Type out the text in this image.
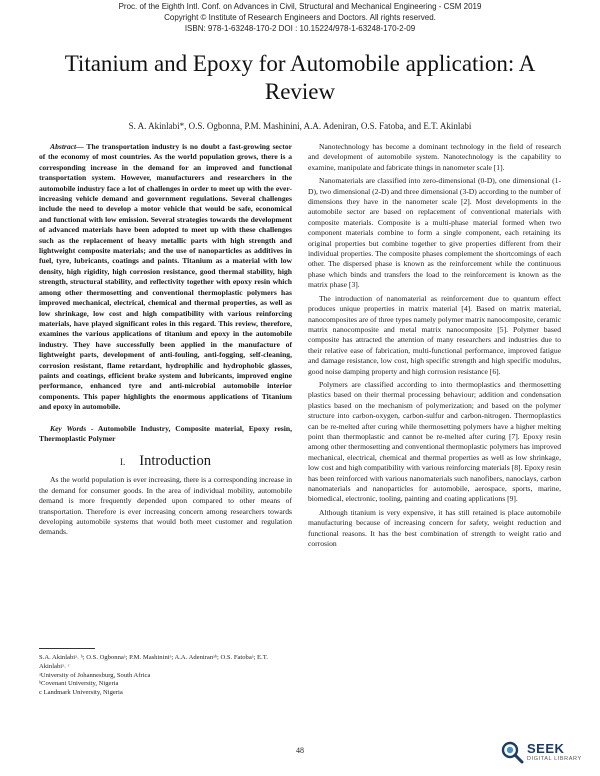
Proc. of the Eighth Intl. Conf. on Advances in Civil, Structural and Mechanical Engineering - CSM 2019
Copyright © Institute of Research Engineers and Doctors. All rights reserved.
ISBN: 978-1-63248-170-2 DOI : 10.15224/978-1-63248-170-2-09
Titanium and Epoxy for Automobile application: A Review
S. A. Akinlabi*, O.S. Ogbonna, P.M. Mashinini, A.A. Adeniran, O.S. Fatoba, and E.T. Akinlabi

Abstract— The transportation industry is no doubt a fast-growing sector of the economy of most countries. As the world population grows, there is a corresponding increase in the demand for an improved and functional transportation system. However, manufacturers and researchers in the automobile industry face a lot of challenges in order to meet up with the ever-increasing vehicle demand and government regulations. Several challenges include the need to develop a motor vehicle that would be safe, economical and functional with low emission. Several strategies towards the development of advanced materials have been adopted to meet up with these challenges such as the replacement of heavy metallic parts with high strength and lightweight composite materials; and the use of nanoparticles as additives in fuel, tyre, lubricants, coatings and paints. Titanium as a material with low density, high rigidity, high corrosion resistance, good thermal stability, high strength, structural stability, and reflectivity together with epoxy resin which among other thermosetting and conventional thermoplastic polymers has improved mechanical, electrical, chemical and thermal properties, as well as low shrinkage, low cost and high compatibility with various reinforcing materials, have played significant roles in this regard. This review, therefore, examines the various applications of titanium and epoxy in the automobile industry. They have successfully been applied in the manufacture of lightweight parts, development of anti-fouling, anti-fogging, self-cleaning, corrosion resistant, flame retardant, hydrophilic and hydrophobic glasses, paints and coatings, efficient brake system and lubricants, improved engine performance, enhanced tyre and anti-microbial automobile interior components. This paper highlights the enormous applications of Titanium and epoxy in automobile.

Key Words - Automobile Industry, Composite material, Epoxy resin, Thermoplastic Polymer

I. Introduction

As the world population is ever increasing, there is a corresponding increase in the demand for consumer goods. In the area of individual mobility, automobile demand is more frequently depended upon compared to other means of transportation. Therefore is ever increasing concern among researchers towards developing automobile systems that would both meet customer and regulation demands.

S.A. Akinlabiᵃ˒ ᵇ; O.S. Ogbonnaᵃ; P.M. Mashininiᵃ; A.A. Adeniranᵃᵇ; O.S. Fatobaᵃ; E.T. Akinlabiᵃ˒ ᶜ
ᵃUniversity of Johannesburg, South Africa
ᵇCovenant University, Nigeria
c Landmark University, Nigeria

Nanotechnology has become a dominant technology in the field of research and development of automobile system. Nanotechnology is the capability to examine, manipulate and fabricate things in nanometer scale [1].

Nanomaterials are classified into zero-dimensional (0-D), one dimensional (1-D), two dimensional (2-D) and three dimensional (3-D) according to the number of dimensions they have in the nanometer scale [2]. Most developments in the automobile sector are based on replacement of conventional materials with composite materials. Composite is a multi-phase material formed when two component materials combine to form a single component, each retaining its original properties but combine together to give properties different from their individual properties. The composite phases complement the shortcomings of each other. The dispersed phase is known as the reinforcement while the continuous phase which binds and transfers the load to the reinforcement is known as the matrix phase [3].

The introduction of nanomaterial as reinforcement due to quantum effect produces unique properties in matrix material [4]. Based on matrix material, nanocomposites are of three types namely polymer matrix nanocomposite, ceramic matrix nanocomposite and metal matrix nanocomposite [5]. Polymer based composite has attracted the attention of many researchers and industries due to their relative ease of fabrication, multi-functional performance, improved fatigue and damage resistance, low cost, high specific strength and high specific modulus, good noise damping property and high corrosion resistance [6].

Polymers are classified according to into thermoplastics and thermosetting plastics based on their thermal processing behaviour; addition and condensation plastics based on the mechanism of polymerization; and based on the polymer structure into carbon-oxygen, carbon-sulfur and carbon-nitrogen. Thermoplastics can be re-melted after curing while thermosetting polymers have a higher melting point than thermoplastic and cannot be re-melted after curing [7]. Epoxy resin among other thermosetting and conventional thermoplastic polymers has improved mechanical, electrical, chemical and thermal properties as well as low shrinkage, low cost and high compatibility with various reinforcing materials [8]. Epoxy resin has been reinforced with various nanomaterials such nanofibers, nanoclays, carbon nanomaterials and nanoparticles for automobile, aerospace, sports, marine, biomedical, electronic, tooling, painting and coating applications [9].

Although titanium is very expensive, it has still retained is place automobile manufacturing because of increasing concern for safety, weight reduction and functional reasons. It has the best combination of strength to weight ratio and corrosion

48	SEEK
DIGITAL LIBRARY
